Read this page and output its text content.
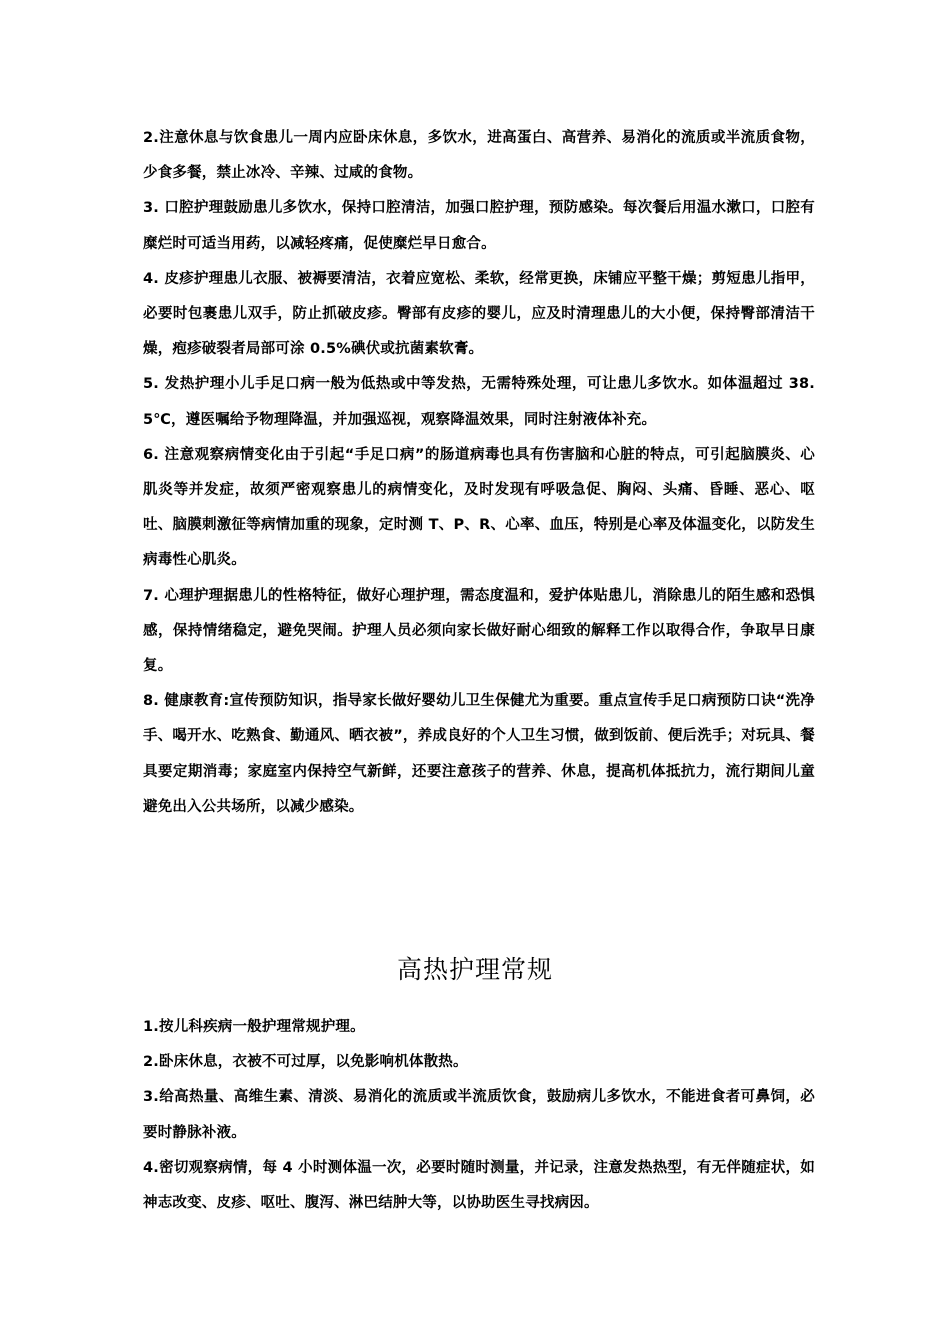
2.注意休息与饮食患儿一周内应卧床休息，多饮水，进高蛋白、高营养、易消化的流质或半流质食物，少食多餐，禁止冰冷、辛辣、过咸的食物。

3. 口腔护理鼓励患儿多饮水，保持口腔清洁，加强口腔护理，预防感染。每次餐后用温水漱口，口腔有糜烂时可适当用药，以减轻疼痛，促使糜烂早日愈合。

4. 皮疹护理患儿衣服、被褥要清洁，衣着应宽松、柔软，经常更换，床铺应平整干燥；剪短患儿指甲，必要时包裹患儿双手，防止抓破皮疹。臀部有皮疹的婴儿，应及时清理患儿的大小便，保持臀部清洁干燥，疱疹破裂者局部可涂 0.5%碘伏或抗菌素软膏。

5. 发热护理小儿手足口病一般为低热或中等发热，无需特殊处理，可让患儿多饮水。如体温超过 38.5℃，遵医嘱给予物理降温，并加强巡视，观察降温效果，同时注射液体补充。

6. 注意观察病情变化由于引起“手足口病”的肠道病毒也具有伤害脑和心脏的特点，可引起脑膜炎、心肌炎等并发症，故须严密观察患儿的病情变化，及时发现有呼吸急促、胸闷、头痛、昏睡、恶心、呕吐、脑膜刺激征等病情加重的现象，定时测 T、P、R、心率、血压，特别是心率及体温变化，以防发生病毒性心肌炎。

7. 心理护理据患儿的性格特征，做好心理护理，需态度温和，爱护体贴患儿，消除患儿的陌生感和恐惧感，保持情绪稳定，避免哭闹。护理人员必须向家长做好耐心细致的解释工作以取得合作，争取早日康复。

8. 健康教育:宣传预防知识，指导家长做好婴幼儿卫生保健尤为重要。重点宣传手足口病预防口诀“洗净手、喝开水、吃熟食、勤通风、晒衣被”，养成良好的个人卫生习惯，做到饭前、便后洗手；对玩具、餐具要定期消毒；家庭室内保持空气新鲜，还要注意孩子的营养、休息，提高机体抵抗力，流行期间儿童避免出入公共场所，以减少感染。

高热护理常规

1.按儿科疾病一般护理常规护理。

2.卧床休息，衣被不可过厚，以免影响机体散热。

3.给高热量、高维生素、清淡、易消化的流质或半流质饮食，鼓励病儿多饮水，不能进食者可鼻饲，必要时静脉补液。

4.密切观察病情，每 4 小时测体温一次，必要时随时测量，并记录，注意发热热型，有无伴随症状，如神志改变、皮疹、呕吐、腹泻、淋巴结肿大等，以协助医生寻找病因。
